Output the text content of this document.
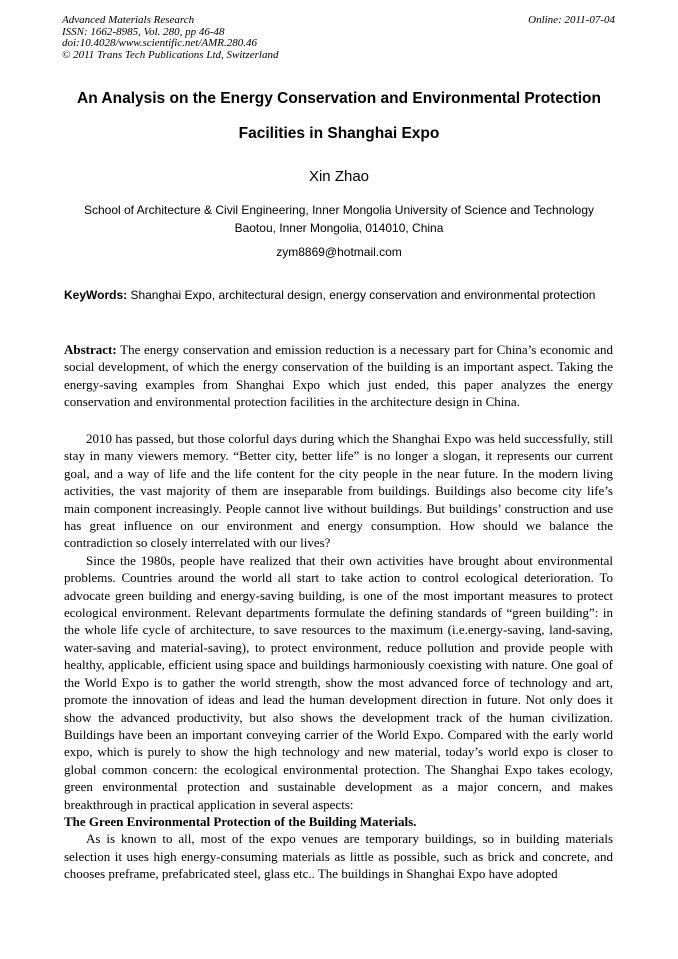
Advanced Materials Research
ISSN: 1662-8985, Vol. 280, pp 46-48
doi:10.4028/www.scientific.net/AMR.280.46
© 2011 Trans Tech Publications Ltd, Switzerland
Online: 2011-07-04
An Analysis on the Energy Conservation and Environmental Protection
Facilities in Shanghai Expo
Xin Zhao
School of Architecture & Civil Engineering, Inner Mongolia University of Science and Technology
Baotou, Inner Mongolia, 014010, China
zym8869@hotmail.com
KeyWords: Shanghai Expo, architectural design, energy conservation and environmental protection
Abstract: The energy conservation and emission reduction is a necessary part for China’s economic and social development, of which the energy conservation of the building is an important aspect. Taking the energy-saving examples from Shanghai Expo which just ended, this paper analyzes the energy conservation and environmental protection facilities in the architecture design in China.

2010 has passed, but those colorful days during which the Shanghai Expo was held successfully, still stay in many viewers memory. “Better city, better life” is no longer a slogan, it represents our current goal, and a way of life and the life content for the city people in the near future. In the modern living activities, the vast majority of them are inseparable from buildings. Buildings also become city life’s main component increasingly. People cannot live without buildings. But buildings’ construction and use has great influence on our environment and energy consumption. How should we balance the contradiction so closely interrelated with our lives?

Since the 1980s, people have realized that their own activities have brought about environmental problems. Countries around the world all start to take action to control ecological deterioration. To advocate green building and energy-saving building, is one of the most important measures to protect ecological environment. Relevant departments formulate the defining standards of “green building”: in the whole life cycle of architecture, to save resources to the maximum (i.e.energy-saving, land-saving, water-saving and material-saving), to protect environment, reduce pollution and provide people with healthy, applicable, efficient using space and buildings harmoniously coexisting with nature. One goal of the World Expo is to gather the world strength, show the most advanced force of technology and art, promote the innovation of ideas and lead the human development direction in future. Not only does it show the advanced productivity, but also shows the development track of the human civilization. Buildings have been an important conveying carrier of the World Expo. Compared with the early world expo, which is purely to show the high technology and new material, today’s world expo is closer to global common concern: the ecological environmental protection. The Shanghai Expo takes ecology, green environmental protection and sustainable development as a major concern, and makes breakthrough in practical application in several aspects:

The Green Environmental Protection of the Building Materials.

As is known to all, most of the expo venues are temporary buildings, so in building materials selection it uses high energy-consuming materials as little as possible, such as brick and concrete, and chooses preframe, prefabricated steel, glass etc.. The buildings in Shanghai Expo have adopted
